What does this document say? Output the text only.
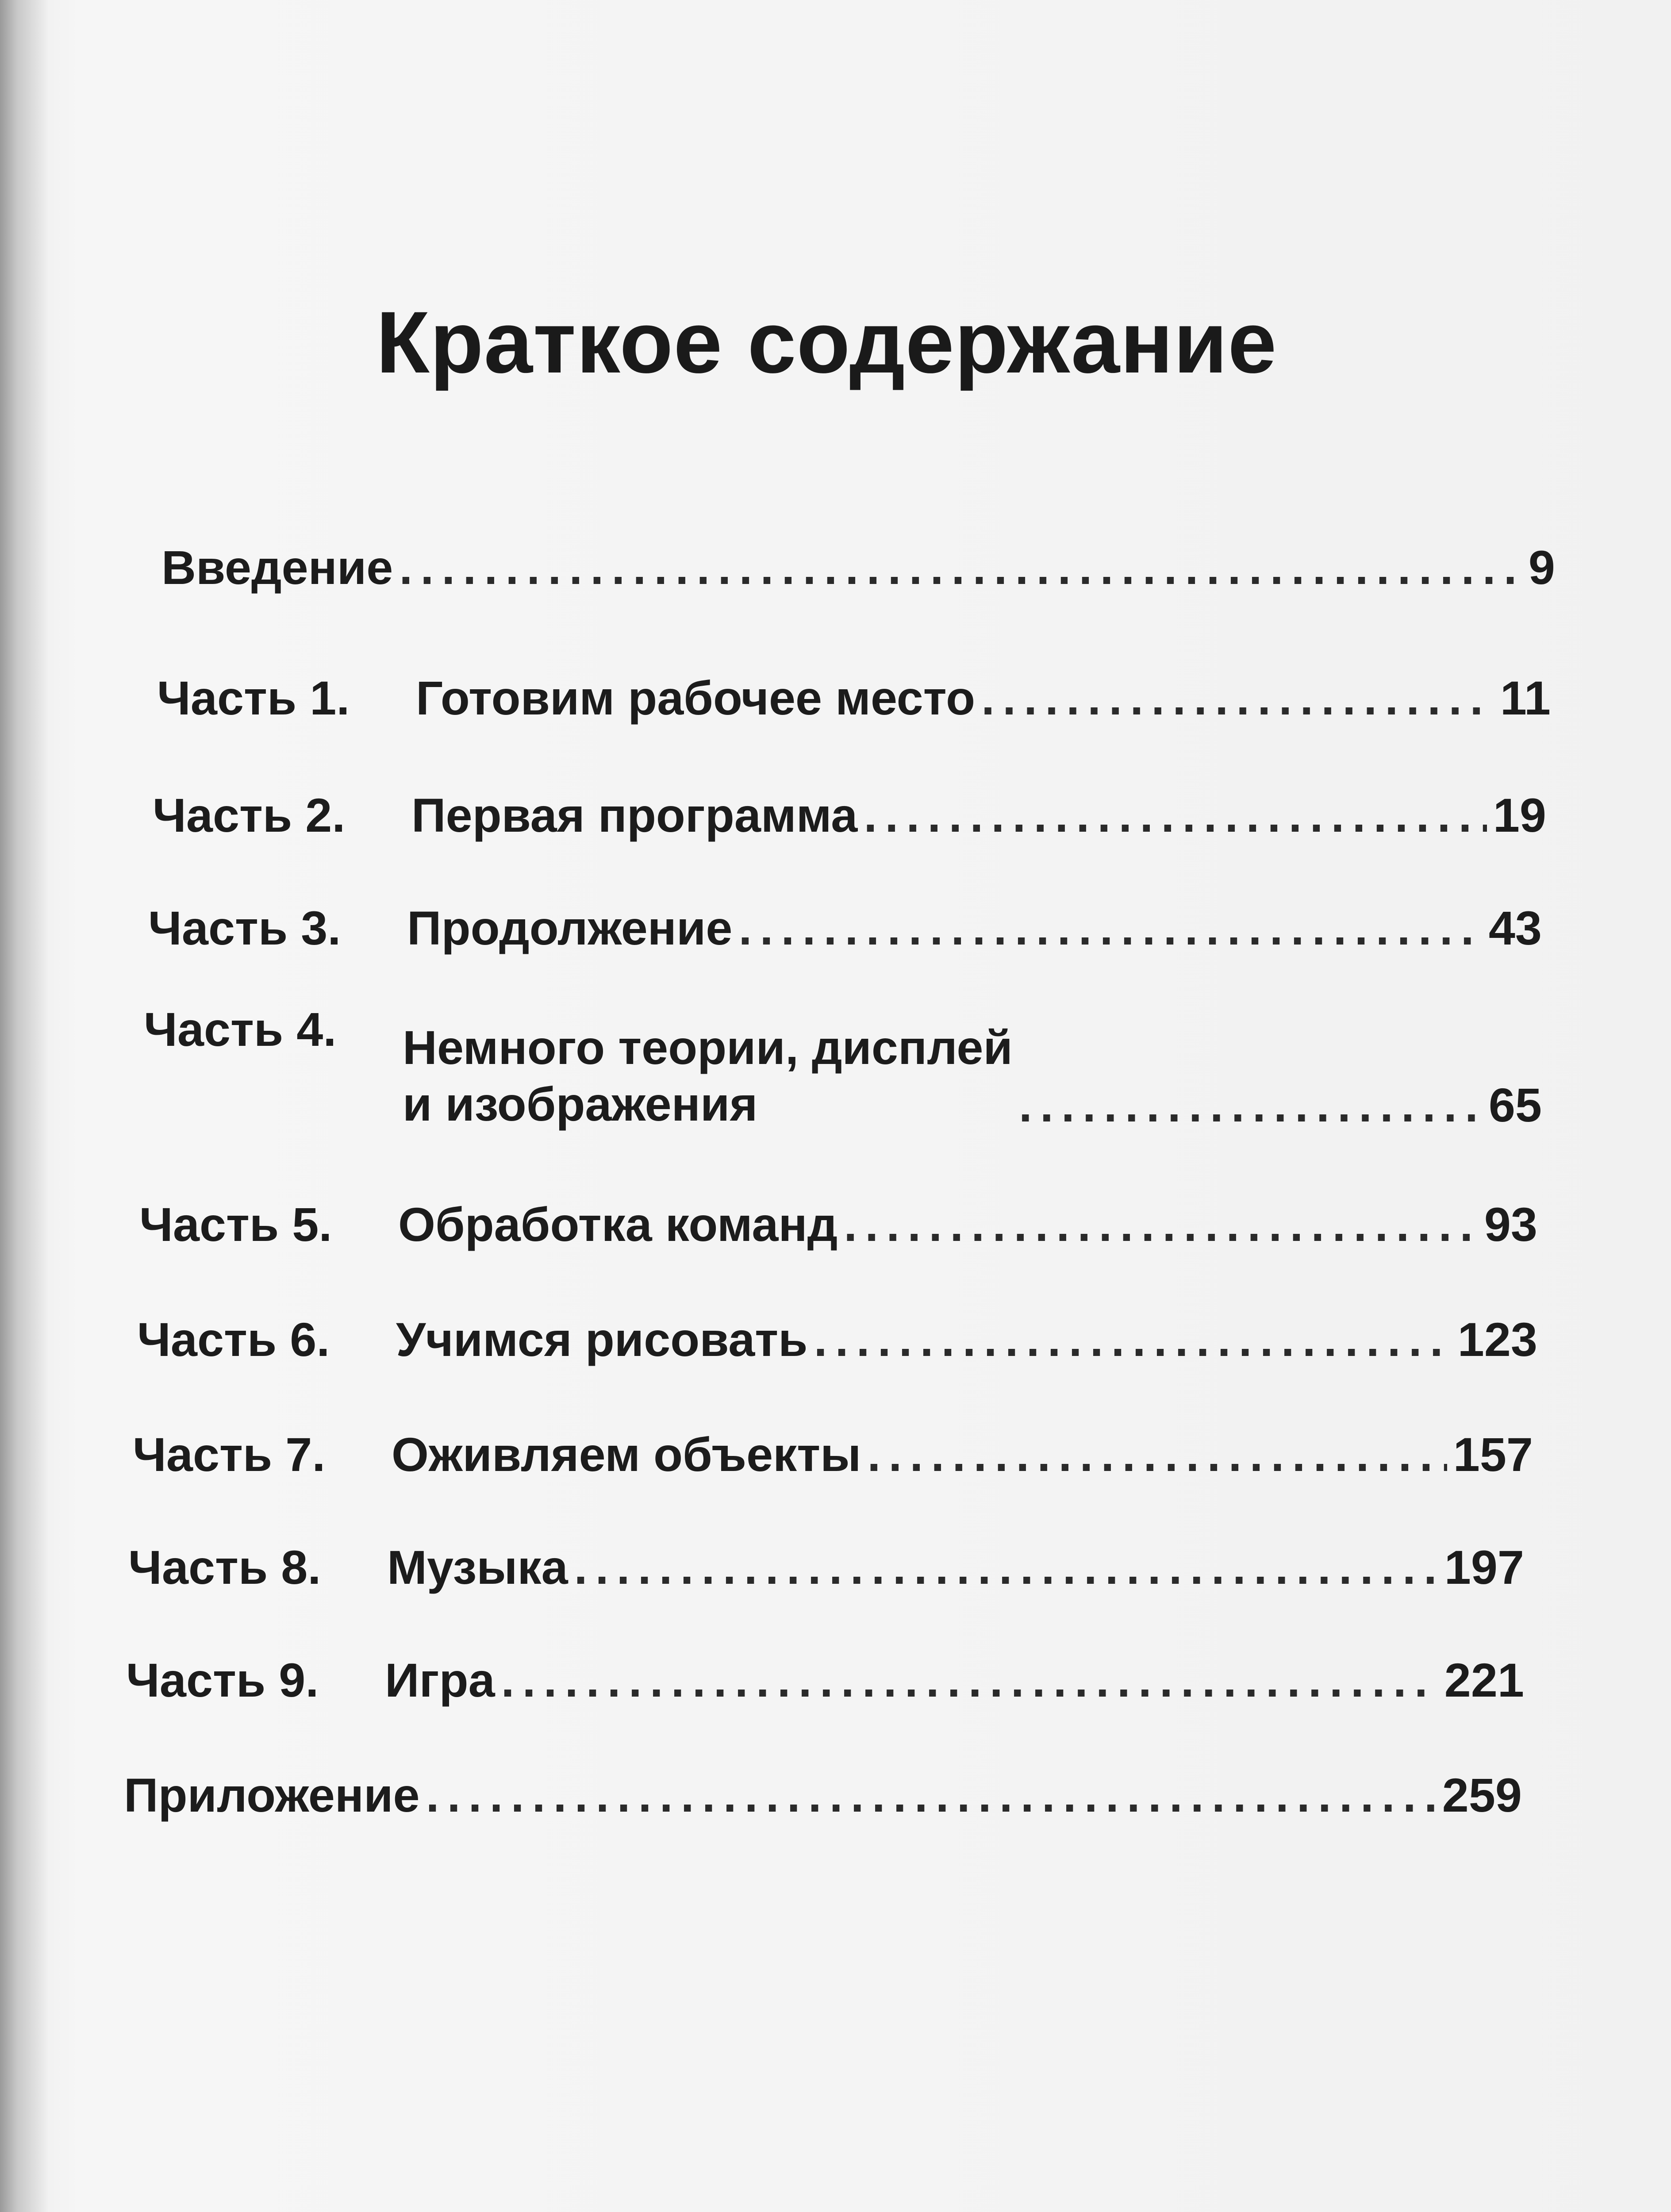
Краткое содержание
Введение .....	9
Часть 1.	Готовим рабочее место .....	11
Часть 2.	Первая программа .....	19
Часть 3.	Продолжение .....	43
Часть 4.	Немного теории, дисплей
и изображения .....	65
Часть 5.	Обработка команд .....	93
Часть 6.	Учимся рисовать .....	123
Часть 7.	Оживляем объекты .....	157
Часть 8.	Музыка .....	197
Часть 9.	Игра .....	221
Приложение .....	259
